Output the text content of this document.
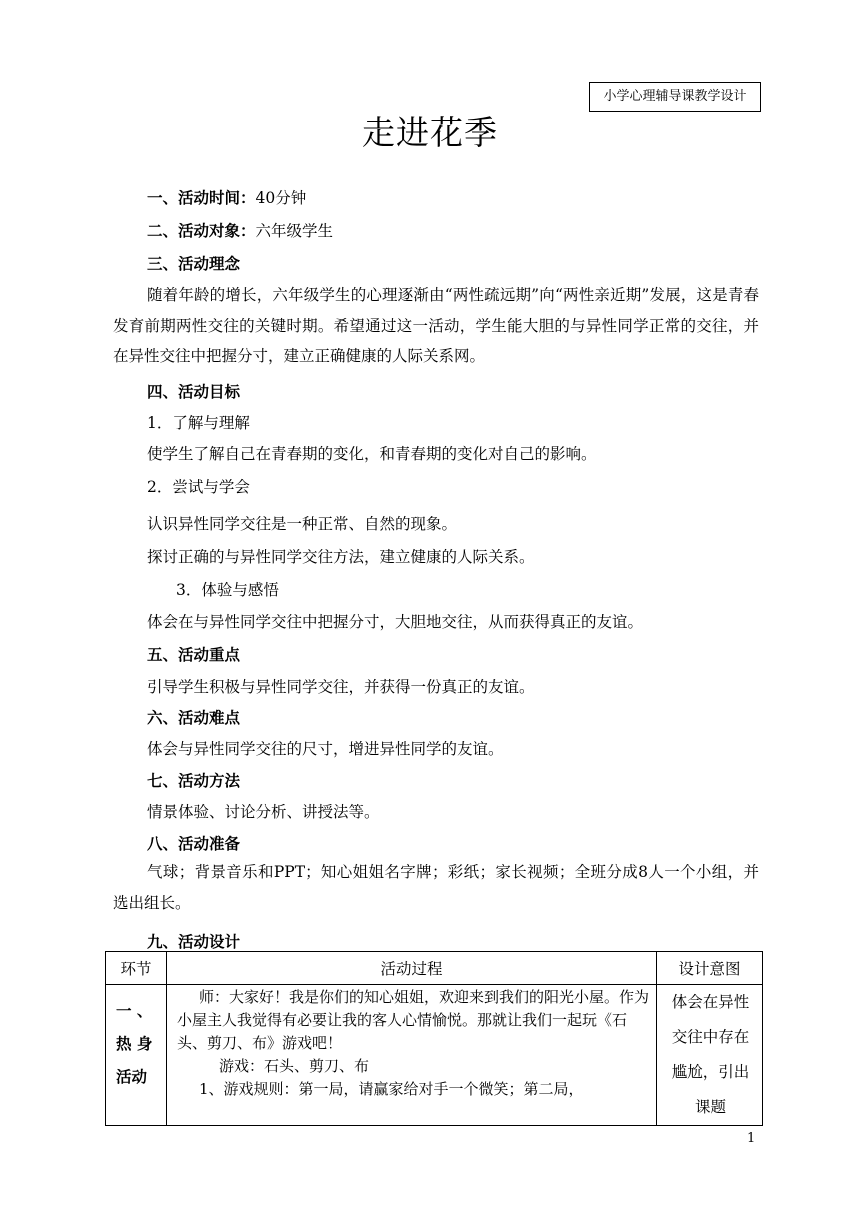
小学心理辅导课教学设计
走进花季
一、活动时间：40分钟
二、活动对象：六年级学生
三、活动理念
随着年龄的增长，六年级学生的心理逐渐由“两性疏远期”向“两性亲近期”发展，这是青春发育前期两性交往的关键时期。希望通过这一活动，学生能大胆的与异性同学正常的交往，并在异性交往中把握分寸，建立正确健康的人际关系网。
四、活动目标
1．了解与理解
使学生了解自己在青春期的变化，和青春期的变化对自己的影响。
2．尝试与学会
认识异性同学交往是一种正常、自然的现象。
探讨正确的与异性同学交往方法，建立健康的人际关系。
3．体验与感悟
体会在与异性同学交往中把握分寸，大胆地交往，从而获得真正的友谊。
五、活动重点
引导学生积极与异性同学交往，并获得一份真正的友谊。
六、活动难点
体会与异性同学交往的尺寸，增进异性同学的友谊。
七、活动方法
情景体验、讨论分析、讲授法等。
八、活动准备
气球；背景音乐和PPT；知心姐姐名字牌；彩纸；家长视频；全班分成8人一个小组，并选出组长。
九、活动设计
环节	活动过程	设计意图
一 、 热 身 活动	师：大家好！我是你们的知心姐姐，欢迎来到我们的阳光小屋。作为小屋主人我觉得有必要让我的客人心情愉悦。那就让我们一起玩《石头、剪刀、布》游戏吧！

游戏：石头、剪刀、布

1、游戏规则：第一局，请赢家给对手一个微笑；第二局，	体会在异性交往中存在尴尬，引出课题
1
